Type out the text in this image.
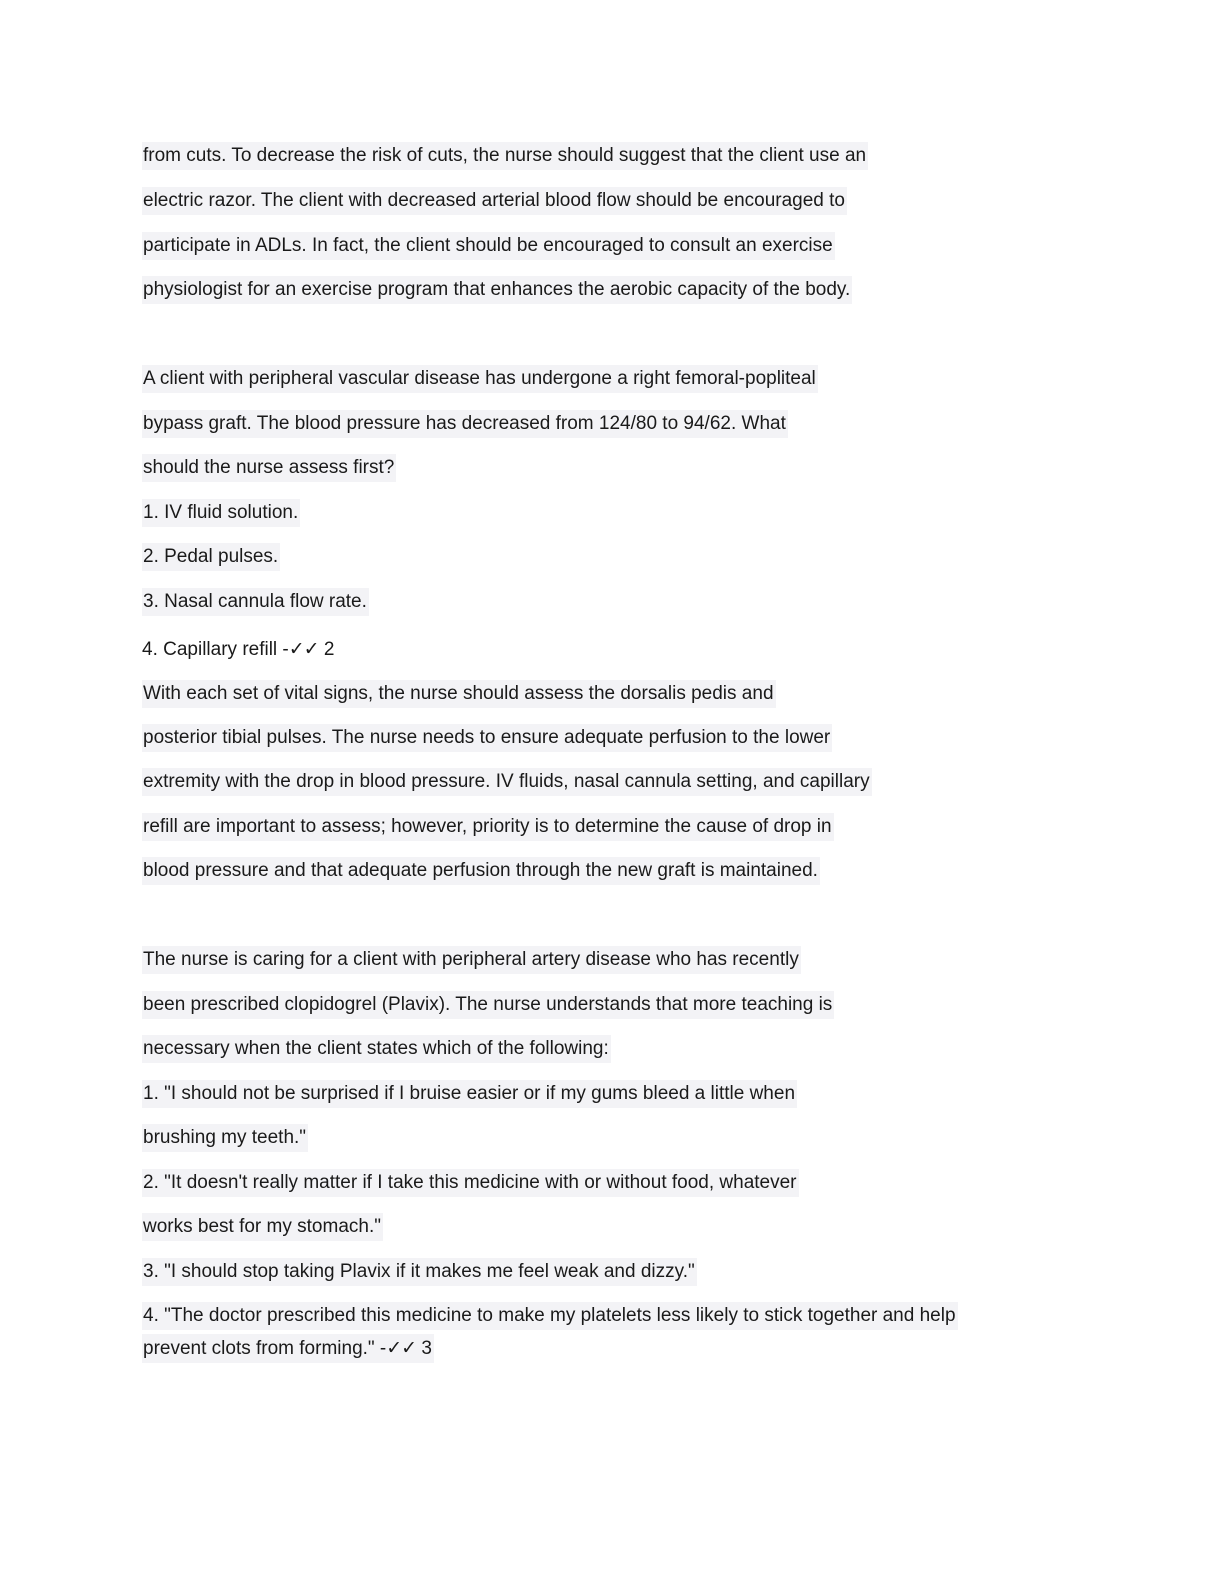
from cuts. To decrease the risk of cuts, the nurse should suggest that the client use an
electric razor. The client with decreased arterial blood flow should be encouraged to
participate in ADLs. In fact, the client should be encouraged to consult an exercise
physiologist for an exercise program that enhances the aerobic capacity of the body.
A client with peripheral vascular disease has undergone a right femoral-popliteal
bypass graft. The blood pressure has decreased from 124/80 to 94/62. What
should the nurse assess first?
1. IV fluid solution.
2. Pedal pulses.
3. Nasal cannula flow rate.
4. Capillary refill -✓✓ 2
With each set of vital signs, the nurse should assess the dorsalis pedis and
posterior tibial pulses. The nurse needs to ensure adequate perfusion to the lower
extremity with the drop in blood pressure. IV fluids, nasal cannula setting, and capillary
refill are important to assess; however, priority is to determine the cause of drop in
blood pressure and that adequate perfusion through the new graft is maintained.
The nurse is caring for a client with peripheral artery disease who has recently
been prescribed clopidogrel (Plavix). The nurse understands that more teaching is
necessary when the client states which of the following:
1. "I should not be surprised if I bruise easier or if my gums bleed a little when
brushing my teeth."
2. "It doesn't really matter if I take this medicine with or without food, whatever
works best for my stomach."
3. "I should stop taking Plavix if it makes me feel weak and dizzy."
4. "The doctor prescribed this medicine to make my platelets less likely to stick together and help
prevent clots from forming." -✓✓ 3
